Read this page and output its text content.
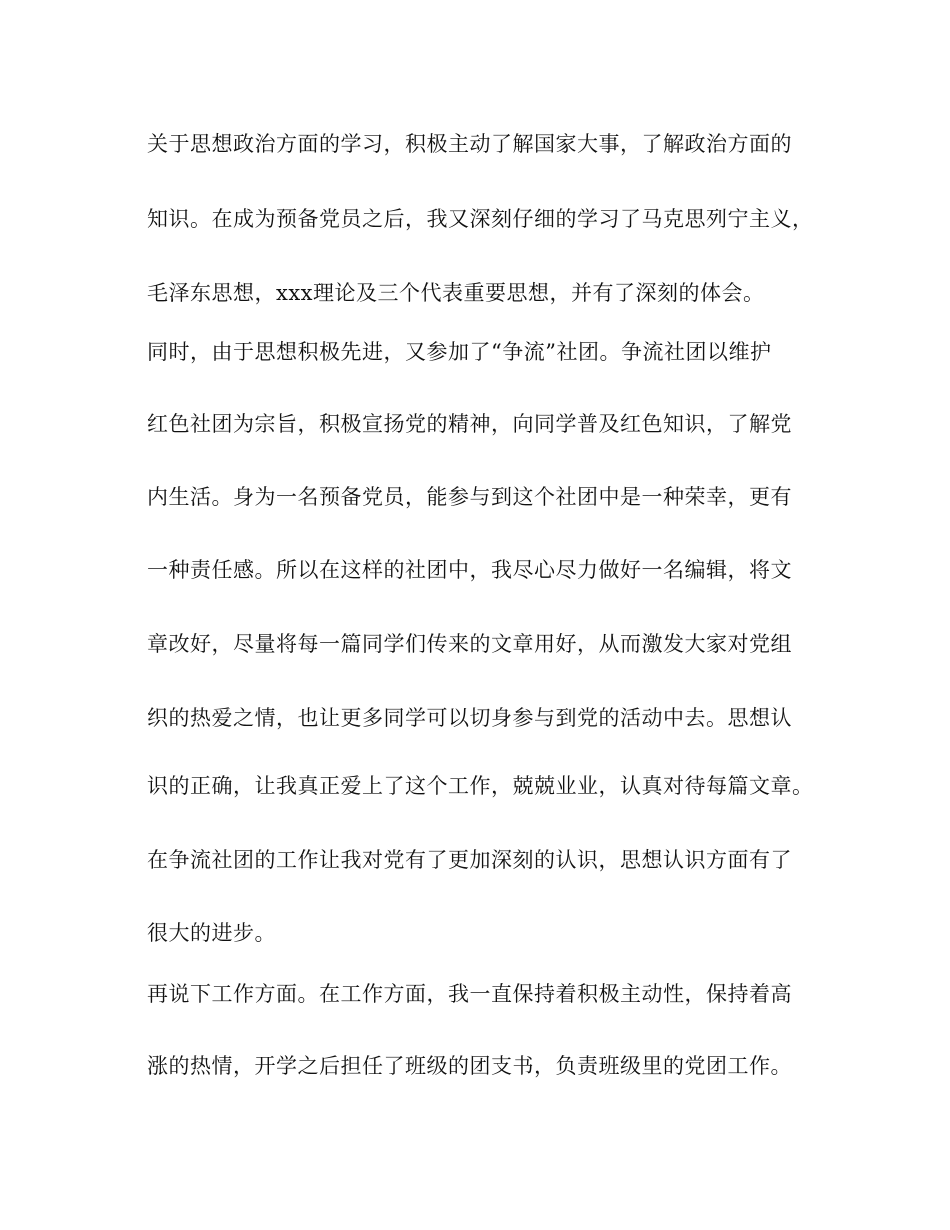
关于思想政治方面的学习，积极主动了解国家大事，了解政治方面的
知识。在成为预备党员之后，我又深刻仔细的学习了马克思列宁主义，
毛泽东思想，xxx理论及三个代表重要思想，并有了深刻的体会。
同时，由于思想积极先进，又参加了“争流”社团。争流社团以维护
红色社团为宗旨，积极宣扬党的精神，向同学普及红色知识，了解党
内生活。身为一名预备党员，能参与到这个社团中是一种荣幸，更有
一种责任感。所以在这样的社团中，我尽心尽力做好一名编辑，将文
章改好，尽量将每一篇同学们传来的文章用好，从而激发大家对党组
织的热爱之情，也让更多同学可以切身参与到党的活动中去。思想认
识的正确，让我真正爱上了这个工作，兢兢业业，认真对待每篇文章。
在争流社团的工作让我对党有了更加深刻的认识，思想认识方面有了
很大的进步。
再说下工作方面。在工作方面，我一直保持着积极主动性，保持着高
涨的热情，开学之后担任了班级的团支书，负责班级里的党团工作。
